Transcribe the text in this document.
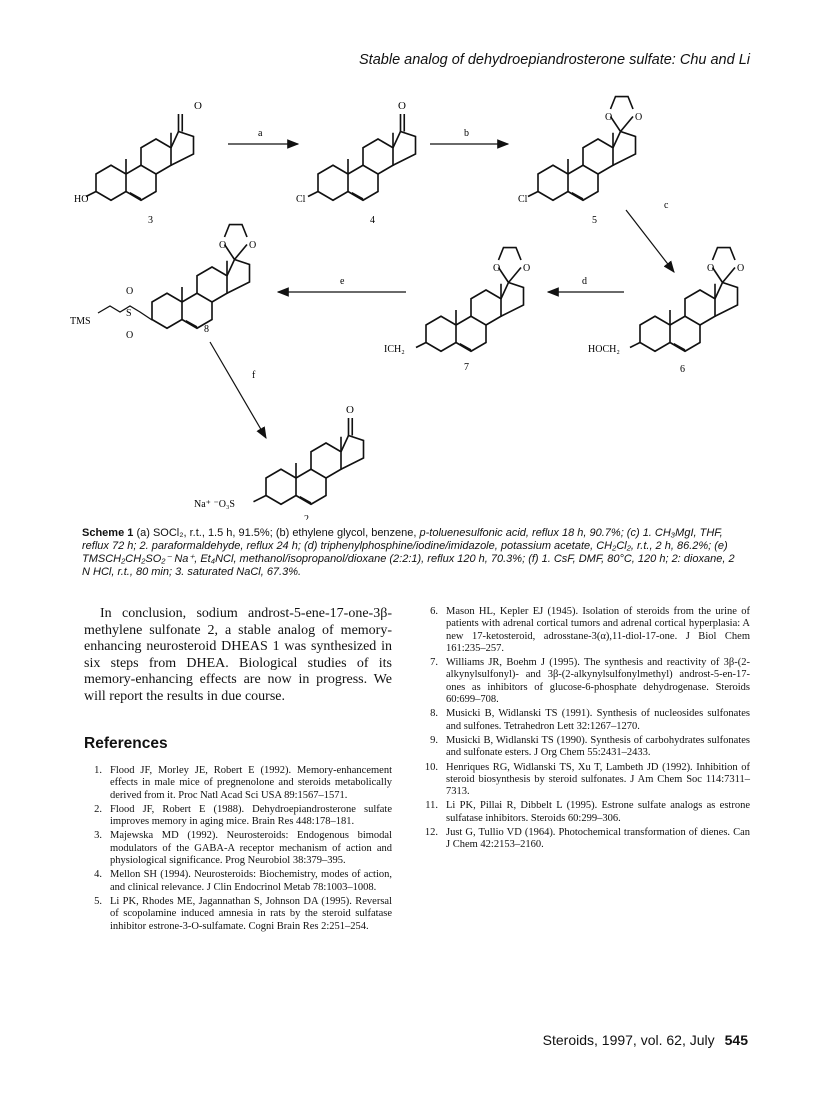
Stable analog of dehydroepiandrosterone sulfate: Chu and Li
O
HO
3
a
O
Cl
4
b
O O
Cl
5
c
O O
HOCH₂
6
d
O O
ICH₂
7
e
O O
TMS
S
O
O
8
f
O
Na⁺ ⁻O₃S
2
Scheme 1 (a) SOCl₂, r.t., 1.5 h, 91.5%; (b) ethylene glycol, benzene, p-toluenesulfonic acid, reflux 18 h, 90.7%; (c) 1. CH₃MgI, THF, reflux 72 h; 2. paraformaldehyde, reflux 24 h; (d) triphenylphosphine/iodine/imidazole, potassium acetate, CH₂Cl₂, r.t., 2 h, 86.2%; (e) TMSCH₂CH₂SO₂⁻ Na⁺, Et₄NCl, methanol/isopropanol/dioxane (2:2:1), reflux 120 h, 70.3%; (f) 1. CsF, DMF, 80°C, 120 h; 2: dioxane, 2 N HCl, r.t., 80 min; 3. saturated NaCl, 67.3%.

In conclusion, sodium androst-5-ene-17-one-3β-methylene sulfonate 2, a stable analog of memory-enhancing neurosteroid DHEAS 1 was synthesized in six steps from DHEA. Biological studies of its memory-enhancing effects are now in progress. We will report the results in due course.

References
1. Flood JF, Morley JE, Robert E (1992). Memory-enhancement effects in male mice of pregnenolone and steroids metabolically derived from it. Proc Natl Acad Sci USA 89:1567–1571.
2. Flood JF, Robert E (1988). Dehydroepiandrosterone sulfate improves memory in aging mice. Brain Res 448:178–181.
3. Majewska MD (1992). Neurosteroids: Endogenous bimodal modulators of the GABA-A receptor mechanism of action and physiological significance. Prog Neurobiol 38:379–395.
4. Mellon SH (1994). Neurosteroids: Biochemistry, modes of action, and clinical relevance. J Clin Endocrinol Metab 78:1003–1008.
5. Li PK, Rhodes ME, Jagannathan S, Johnson DA (1995). Reversal of scopolamine induced amnesia in rats by the steroid sulfatase inhibitor estrone-3-O-sulfamate. Cogni Brain Res 2:251–254.
6. Mason HL, Kepler EJ (1945). Isolation of steroids from the urine of patients with adrenal cortical tumors and adrenal cortical hyperplasia: A new 17-ketosteroid, adrosstane-3(α),11-diol-17-one. J Biol Chem 161:235–257.
7. Williams JR, Boehm J (1995). The synthesis and reactivity of 3β-(2-alkynylsulfonyl)- and 3β-(2-alkynylsulfonylmethyl) androst-5-en-17-ones as inhibitors of glucose-6-phosphate dehydrogenase. Steroids 60:699–708.
8. Musicki B, Widlanski TS (1991). Synthesis of nucleosides sulfonates and sulfones. Tetrahedron Lett 32:1267–1270.
9. Musicki B, Widlanski TS (1990). Synthesis of carbohydrates sulfonates and sulfonate esters. J Org Chem 55:2431–2433.
10. Henriques RG, Widlanski TS, Xu T, Lambeth JD (1992). Inhibition of steroid biosynthesis by steroid sulfonates. J Am Chem Soc 114:7311–7313.
11. Li PK, Pillai R, Dibbelt L (1995). Estrone sulfate analogs as estrone sulfatase inhibitors. Steroids 60:299–306.
12. Just G, Tullio VD (1964). Photochemical transformation of dienes. Can J Chem 42:2153–2160.
Steroids, 1997, vol. 62, July 545
